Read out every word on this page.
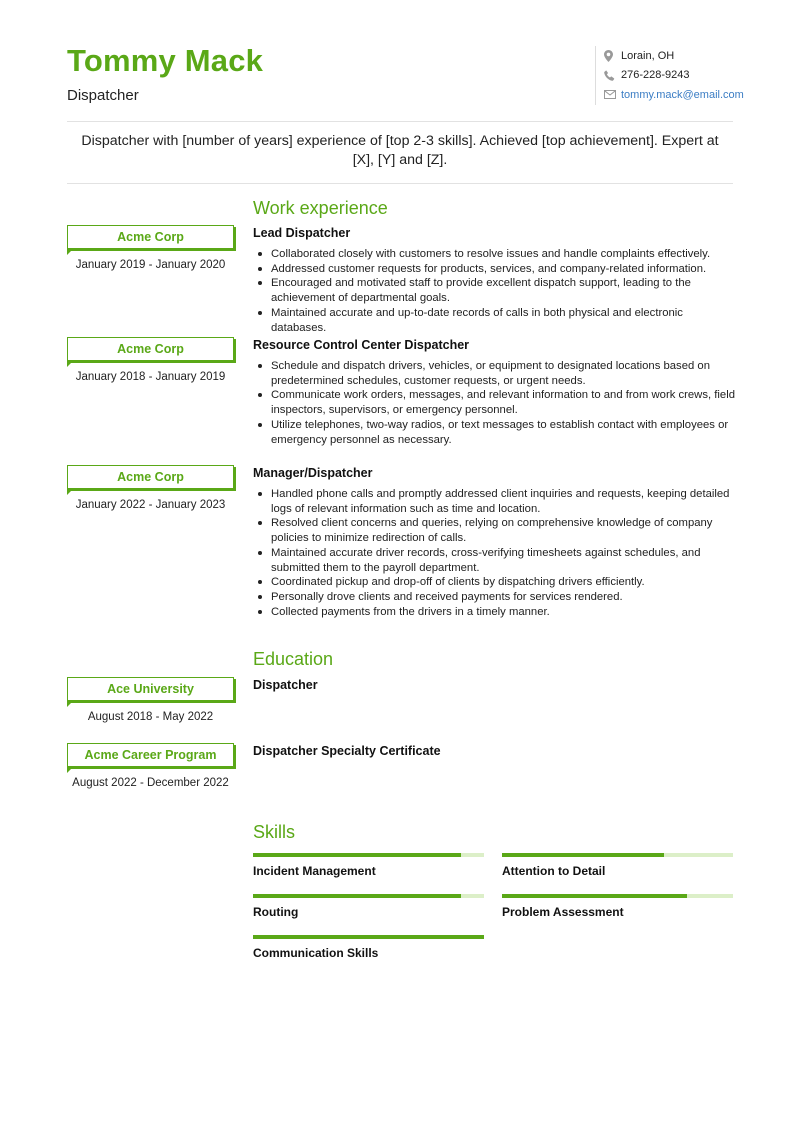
Tommy Mack
Dispatcher
Lorain, OH
276-228-9243
tommy.mack@email.com
Dispatcher with [number of years] experience of [top 2-3 skills]. Achieved [top achievement]. Expert at [X], [Y] and [Z].
Work experience
Acme Corp
January 2019 - January 2020
Lead Dispatcher
Collaborated closely with customers to resolve issues and handle complaints effectively.
Addressed customer requests for products, services, and company-related information.
Encouraged and motivated staff to provide excellent dispatch support, leading to the achievement of departmental goals.
Maintained accurate and up-to-date records of calls in both physical and electronic databases.
Acme Corp
January 2018 - January 2019
Resource Control Center Dispatcher
Schedule and dispatch drivers, vehicles, or equipment to designated locations based on predetermined schedules, customer requests, or urgent needs.
Communicate work orders, messages, and relevant information to and from work crews, field inspectors, supervisors, or emergency personnel.
Utilize telephones, two-way radios, or text messages to establish contact with employees or emergency personnel as necessary.
Acme Corp
January 2022 - January 2023
Manager/Dispatcher
Handled phone calls and promptly addressed client inquiries and requests, keeping detailed logs of relevant information such as time and location.
Resolved client concerns and queries, relying on comprehensive knowledge of company policies to minimize redirection of calls.
Maintained accurate driver records, cross-verifying timesheets against schedules, and submitted them to the payroll department.
Coordinated pickup and drop-off of clients by dispatching drivers efficiently.
Personally drove clients and received payments for services rendered.
Collected payments from the drivers in a timely manner.
Education
Ace University
August 2018 - May 2022
Dispatcher
Acme Career Program
August 2022 - December 2022
Dispatcher Specialty Certificate
Skills
Incident Management	Attention to Detail
Routing	Problem Assessment
Communication Skills
